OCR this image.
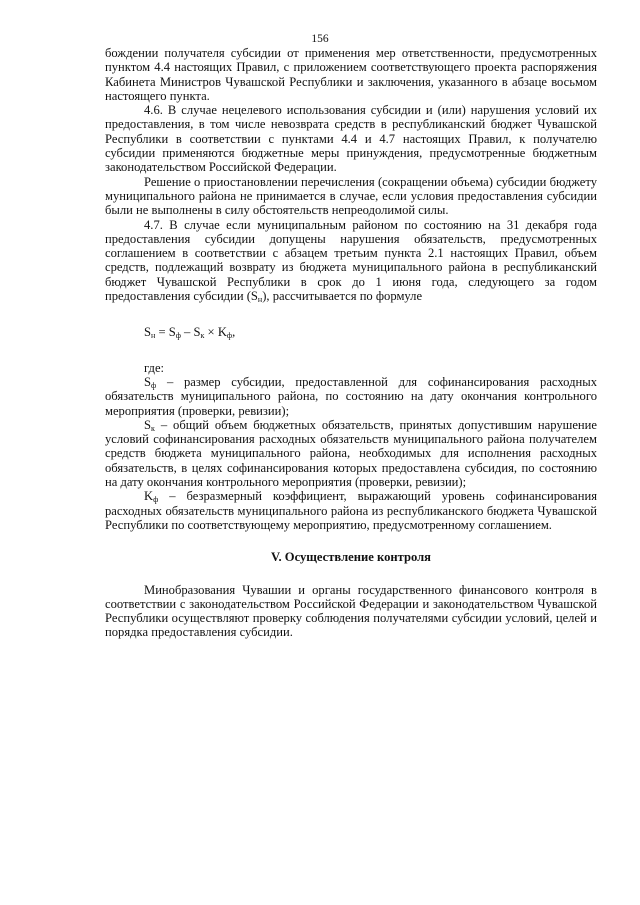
156

бождении получателя субсидии от применения мер ответственности, предусмотренных пунктом 4.4 настоящих Правил, с приложением соответствующего проекта распоряжения Кабинета Министров Чувашской Республики и заключения, указанного в абзаце восьмом настоящего пункта.

4.6. В случае нецелевого использования субсидии и (или) нарушения условий их предоставления, в том числе невозврата средств в республиканский бюджет Чувашской Республики в соответствии с пунктами 4.4 и 4.7 настоящих Правил, к получателю субсидии применяются бюджетные меры принуждения, предусмотренные бюджетным законодательством Российской Федерации.

Решение о приостановлении перечисления (сокращении объема) субсидии бюджету муниципального района не принимается в случае, если условия предоставления субсидии были не выполнены в силу обстоятельств непреодолимой силы.

4.7. В случае если муниципальным районом по состоянию на 31 декабря года предоставления субсидии допущены нарушения обязательств, предусмотренных соглашением в соответствии с абзацем третьим пункта 2.1 настоящих Правил, объем средств, подлежащий возврату из бюджета муниципального района в республиканский бюджет Чувашской Республики в срок до 1 июня года, следующего за годом предоставления субсидии $(S_н)$, рассчитывается по формуле

$S_н = S_ф - S_к \times K_ф$,

где:

$S_ф$ – размер субсидии, предоставленной для софинансирования расходных обязательств муниципального района, по состоянию на дату окончания контрольного мероприятия (проверки, ревизии);

$S_к$ – общий объем бюджетных обязательств, принятых допустившим нарушение условий софинансирования расходных обязательств муниципального района получателем средств бюджета муниципального района, необходимых для исполнения расходных обязательств, в целях софинансирования которых предоставлена субсидия, по состоянию на дату окончания контрольного мероприятия (проверки, ревизии);

$K_ф$ – безразмерный коэффициент, выражающий уровень софинансирования расходных обязательств муниципального района из республиканского бюджета Чувашской Республики по соответствующему мероприятию, предусмотренному соглашением.

V. Осуществление контроля

Минобразования Чувашии и органы государственного финансового контроля в соответствии с законодательством Российской Федерации и законодательством Чувашской Республики осуществляют проверку соблюдения получателями субсидии условий, целей и порядка предоставления субсидии.
